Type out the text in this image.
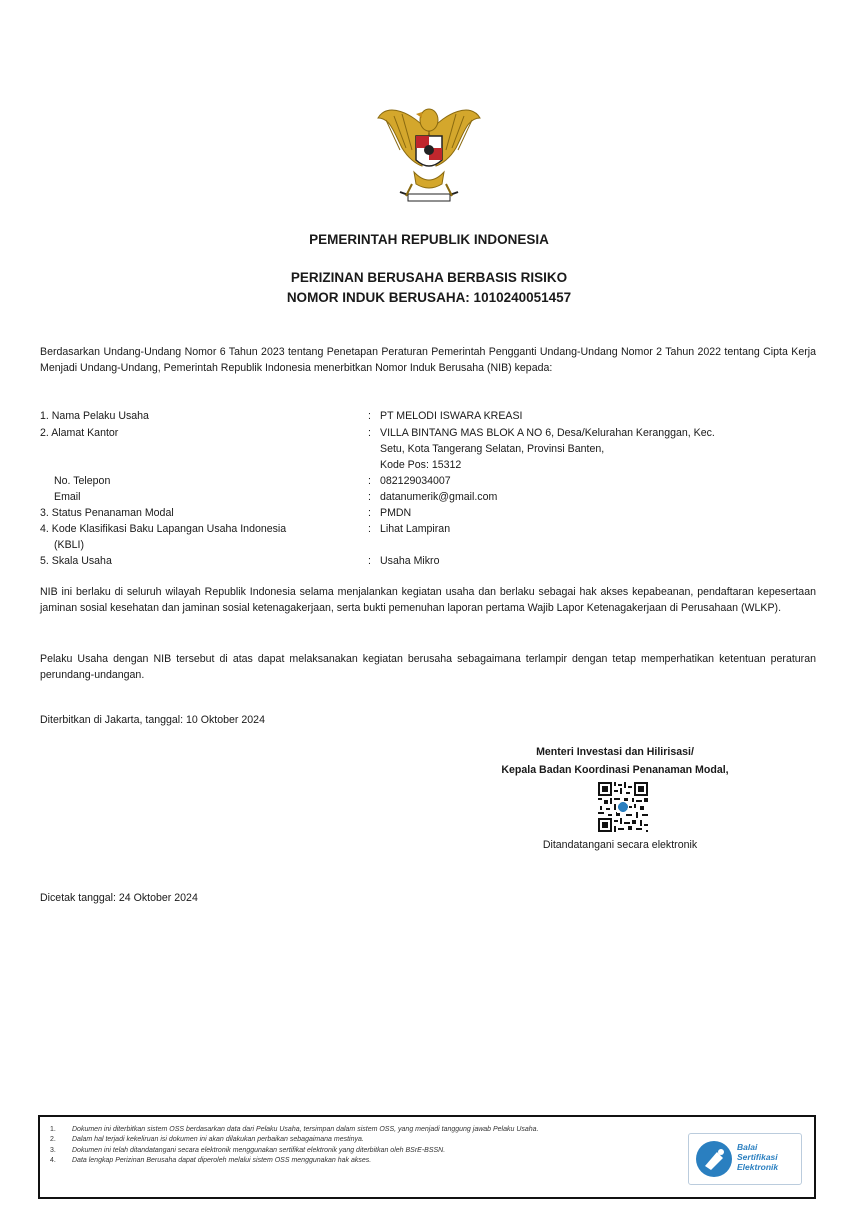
PEMERINTAH REPUBLIK INDONESIA
PERIZINAN BERUSAHA BERBASIS RISIKO
NOMOR INDUK BERUSAHA: 1010240051457
Berdasarkan Undang-Undang Nomor 6 Tahun 2023 tentang Penetapan Peraturan Pemerintah Pengganti Undang-Undang Nomor 2 Tahun 2022 tentang Cipta Kerja Menjadi Undang-Undang, Pemerintah Republik Indonesia menerbitkan Nomor Induk Berusaha (NIB) kepada:
1. Nama Pelaku Usaha	: PT MELODI ISWARA KREASI
2. Alamat Kantor	: VILLA BINTANG MAS BLOK A NO 6, Desa/Kelurahan Keranggan, Kec.
Setu, Kota Tangerang Selatan, Provinsi Banten,
Kode Pos: 15312
No. Telepon	: 082129034007
Email	: datanumerik@gmail.com
3. Status Penanaman Modal	: PMDN
4. Kode Klasifikasi Baku Lapangan Usaha Indonesia
(KBLI)
: Lihat Lampiran
5. Skala Usaha	: Usaha Mikro
NIB ini berlaku di seluruh wilayah Republik Indonesia selama menjalankan kegiatan usaha dan berlaku sebagai hak akses kepabeanan, pendaftaran kepesertaan jaminan sosial kesehatan dan jaminan sosial ketenagakerjaan, serta bukti pemenuhan laporan pertama Wajib Lapor Ketenagakerjaan di Perusahaan (WLKP).
Pelaku Usaha dengan NIB tersebut di atas dapat melaksanakan kegiatan berusaha sebagaimana terlampir dengan tetap memperhatikan ketentuan peraturan perundang-undangan.
Diterbitkan di Jakarta, tanggal: 10 Oktober 2024
Menteri Investasi dan Hilirisasi/
Kepala Badan Koordinasi Penanaman Modal,
Ditandatangani secara elektronik
Dicetak tanggal: 24 Oktober 2024
1. Dokumen ini diterbitkan sistem OSS berdasarkan data dari Pelaku Usaha, tersimpan dalam sistem OSS, yang menjadi tanggung jawab Pelaku Usaha.
2. Dalam hal terjadi kekeliruan isi dokumen ini akan dilakukan perbaikan sebagaimana mestinya.
3. Dokumen ini telah ditandatangani secara elektronik menggunakan sertifikat elektronik yang diterbitkan oleh BSrE-BSSN.
4. Data lengkap Perizinan Berusaha dapat diperoleh melalui sistem OSS menggunakan hak akses.
Balai
Sertifikasi
Elektronik
